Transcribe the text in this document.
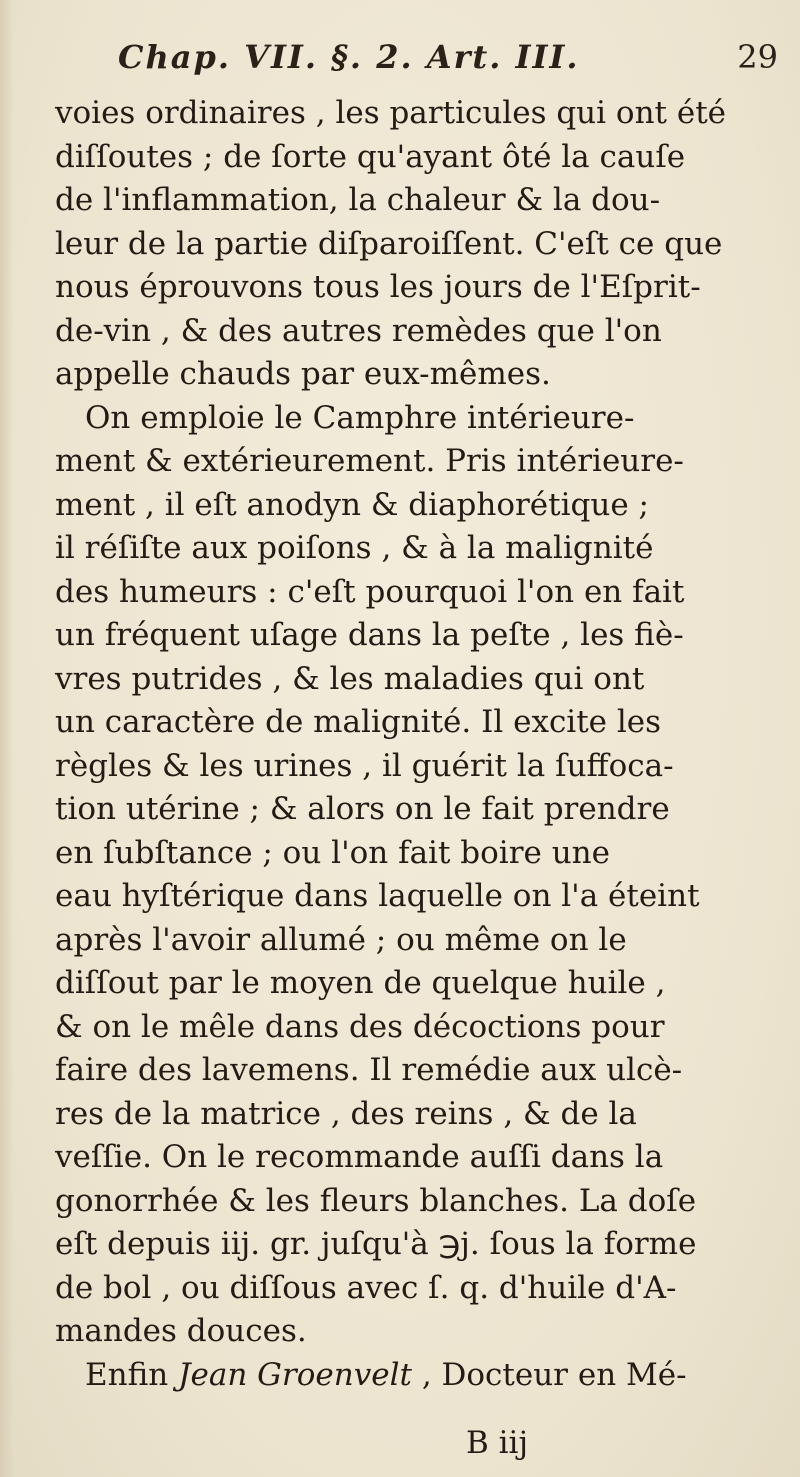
Chap. VII. §. 2. Art. III.	29
voies ordinaires , les particules qui ont été
diſſoutes ; de ſorte qu'ayant ôté la cauſe
de l'inflammation, la chaleur & la dou-
leur de la partie diſparoiſſent. C'eſt ce que
nous éprouvons tous les jours de l'Eſprit-
de-vin , & des autres remèdes que l'on
appelle chauds par eux-mêmes.
On emploie le Camphre intérieure-
ment & extérieurement. Pris intérieure-
ment , il eſt anodyn & diaphorétique ;
il réſiſte aux poiſons , & à la malignité
des humeurs : c'eſt pourquoi l'on en fait
un fréquent uſage dans la peſte , les fiè-
vres putrides , & les maladies qui ont
un caractère de malignité. Il excite les
règles & les urines , il guérit la ſuffoca-
tion utérine ; & alors on le fait prendre
en ſubſtance ; ou l'on fait boire une
eau hyſtérique dans laquelle on l'a éteint
après l'avoir allumé ; ou même on le
diſſout par le moyen de quelque huile ,
& on le mêle dans des décoctions pour
faire des lavemens. Il remédie aux ulcè-
res de la matrice , des reins , & de la
veſſie. On le recommande auſſi dans la
gonorrhée & les fleurs blanches. La doſe
eſt depuis iij. gr. juſqu'à ℈j. ſous la forme
de bol , ou diſſous avec ſ. q. d'huile d'A-
mandes douces.
Enfin Jean Groenvelt , Docteur en Mé-
B iij
